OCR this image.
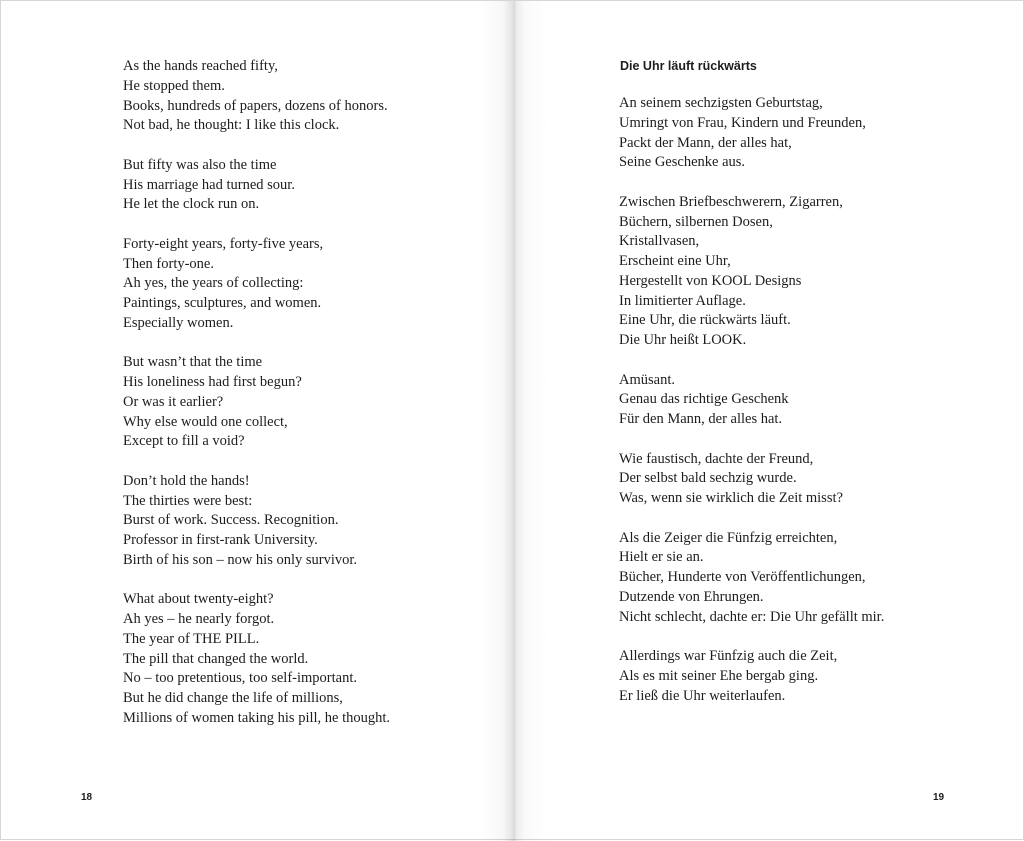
As the hands reached fifty,
He stopped them.
Books, hundreds of papers, dozens of honors.
Not bad, he thought: I like this clock.
But fifty was also the time
His marriage had turned sour.
He let the clock run on.
Forty-eight years, forty-five years,
Then forty-one.
Ah yes, the years of collecting:
Paintings, sculptures, and women.
Especially women.
But wasn’t that the time
His loneliness had first begun?
Or was it earlier?
Why else would one collect,
Except to fill a void?
Don’t hold the hands!
The thirties were best:
Burst of work. Success. Recognition.
Professor in first-rank University.
Birth of his son – now his only survivor.
What about twenty-eight?
Ah yes – he nearly forgot.
The year of THE PILL.
The pill that changed the world.
No – too pretentious, too self-important.
But he did change the life of millions,
Millions of women taking his pill, he thought.
18
Die Uhr läuft rückwärts
An seinem sechzigsten Geburtstag,
Umringt von Frau, Kindern und Freunden,
Packt der Mann, der alles hat,
Seine Geschenke aus.
Zwischen Briefbeschwerern, Zigarren,
Büchern, silbernen Dosen,
Kristallvasen,
Erscheint eine Uhr,
Hergestellt von KOOL Designs
In limitierter Auflage.
Eine Uhr, die rückwärts läuft.
Die Uhr heißt LOOK.
Amüsant.
Genau das richtige Geschenk
Für den Mann, der alles hat.
Wie faustisch, dachte der Freund,
Der selbst bald sechzig wurde.
Was, wenn sie wirklich die Zeit misst?
Als die Zeiger die Fünfzig erreichten,
Hielt er sie an.
Bücher, Hunderte von Veröffentlichungen,
Dutzende von Ehrungen.
Nicht schlecht, dachte er: Die Uhr gefällt mir.
Allerdings war Fünfzig auch die Zeit,
Als es mit seiner Ehe bergab ging.
Er ließ die Uhr weiterlaufen.
19
